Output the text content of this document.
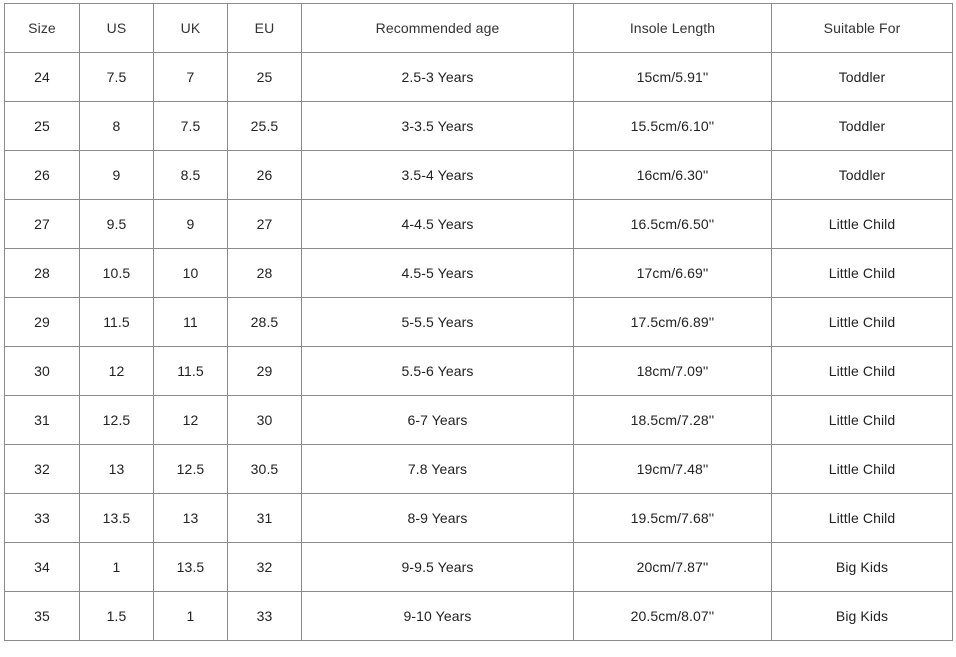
Size	US	UK	EU	Recommended age	Insole Length	Suitable For
24	7.5	7	25	2.5-3 Years	15cm/5.91''	Toddler
25	8	7.5	25.5	3-3.5 Years	15.5cm/6.10''	Toddler
26	9	8.5	26	3.5-4 Years	16cm/6.30''	Toddler
27	9.5	9	27	4-4.5 Years	16.5cm/6.50''	Little Child
28	10.5	10	28	4.5-5 Years	17cm/6.69''	Little Child
29	11.5	11	28.5	5-5.5 Years	17.5cm/6.89''	Little Child
30	12	11.5	29	5.5-6 Years	18cm/7.09''	Little Child
31	12.5	12	30	6-7 Years	18.5cm/7.28''	Little Child
32	13	12.5	30.5	7.8 Years	19cm/7.48''	Little Child
33	13.5	13	31	8-9 Years	19.5cm/7.68''	Little Child
34	1	13.5	32	9-9.5 Years	20cm/7.87''	Big Kids
35	1.5	1	33	9-10 Years	20.5cm/8.07''	Big Kids
